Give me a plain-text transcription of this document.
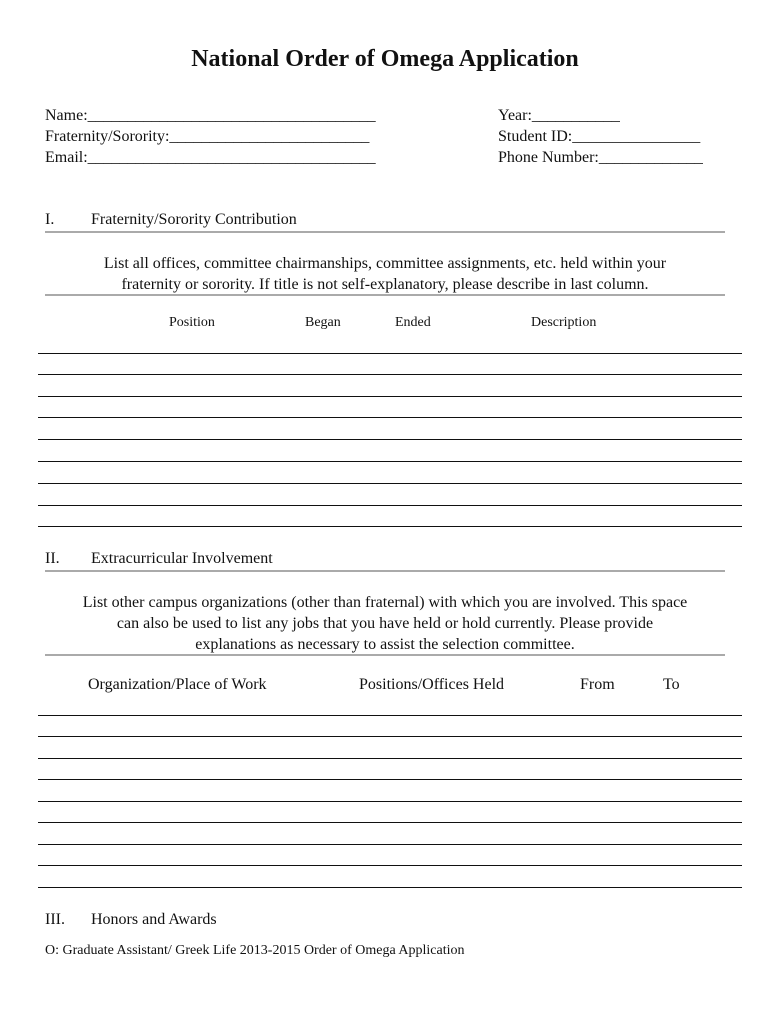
National Order of Omega Application
Name:____________________________________
Fraternity/Sorority:_________________________
Email:____________________________________
Year:___________
Student ID:________________
Phone Number:_____________
I. Fraternity/Sorority Contribution
List all offices, committee chairmanships, committee assignments, etc. held within your
fraternity or sorority. If title is not self-explanatory, please describe in last column.
Position	Began	Ended	Description
II. Extracurricular Involvement
List other campus organizations (other than fraternal) with which you are involved. This space
can also be used to list any jobs that you have held or hold currently. Please provide
explanations as necessary to assist the selection committee.
Organization/Place of Work	Positions/Offices Held	From	To
III. Honors and Awards
O: Graduate Assistant/ Greek Life 2013-2015 Order of Omega Application
